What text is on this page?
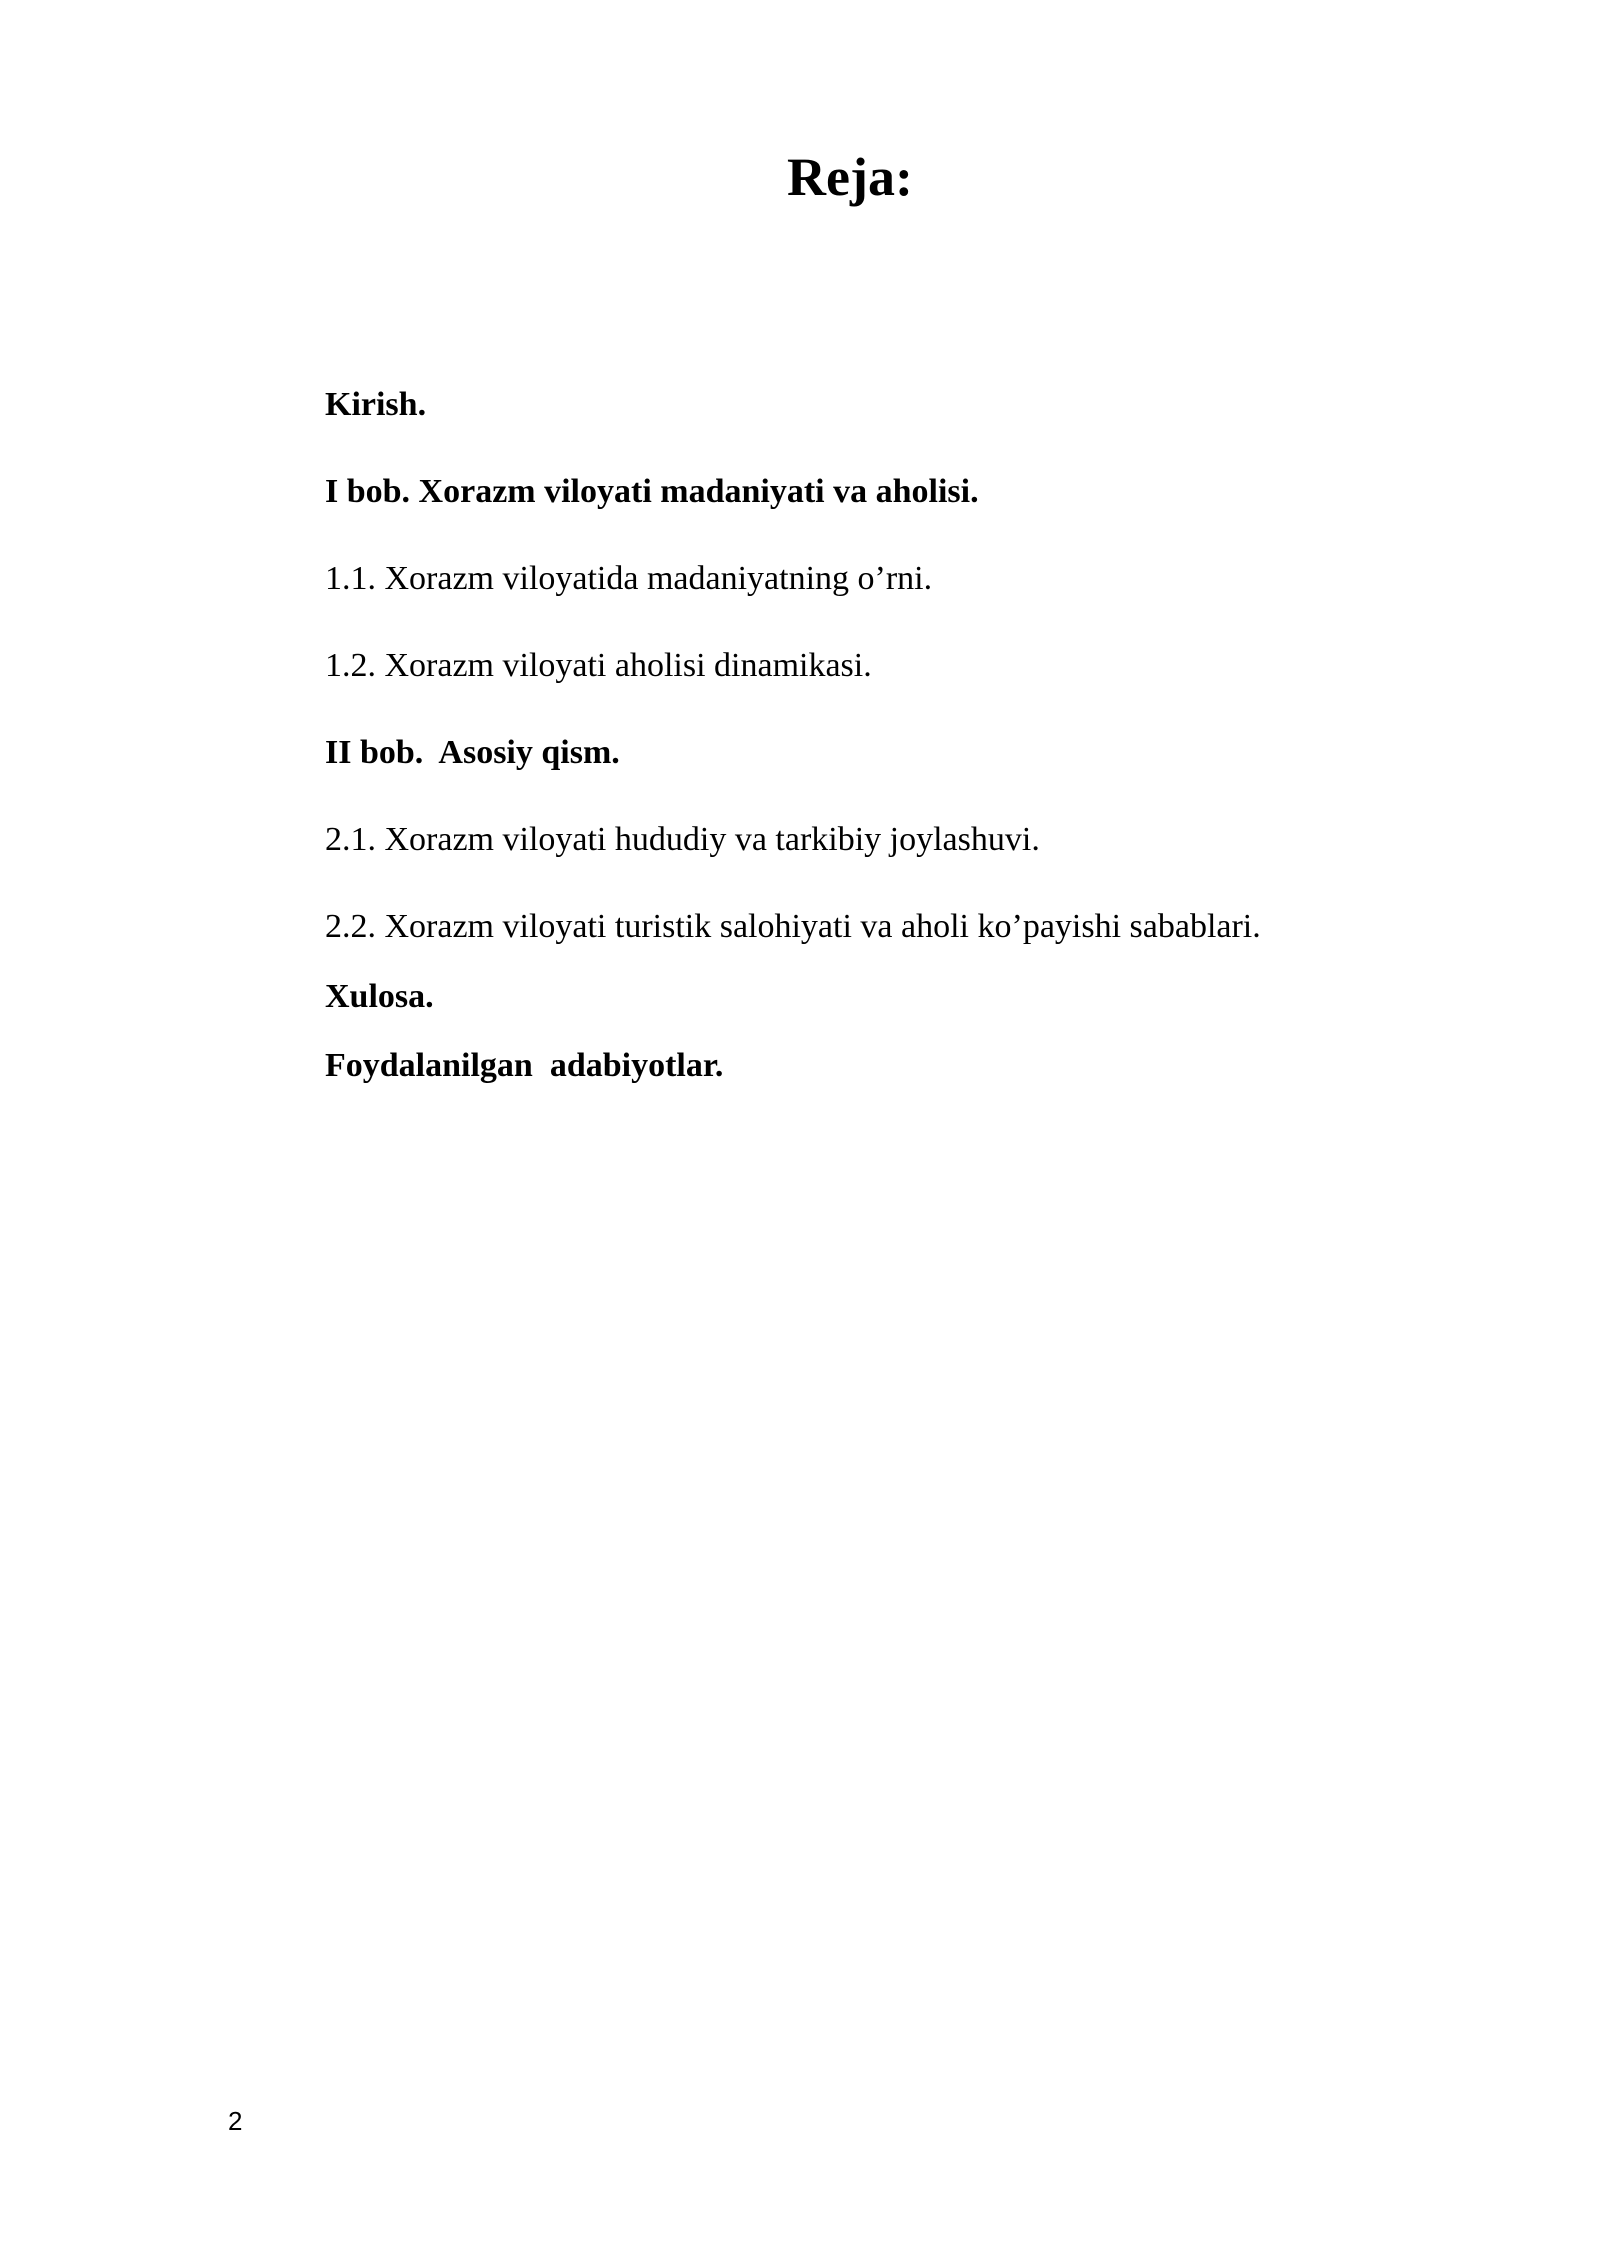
Reja:
Kirish.
I bob. Xorazm viloyati madaniyati va aholisi.
1.1. Xorazm viloyatida madaniyatning o’rni.
1.2. Xorazm viloyati aholisi dinamikasi.
II bob.  Asosiy qism.
2.1. Xorazm viloyati hududiy va tarkibiy joylashuvi.
2.2. Xorazm viloyati turistik salohiyati va aholi ko’payishi sabablari.
Xulosa.
Foydalanilgan  adabiyotlar.
2
